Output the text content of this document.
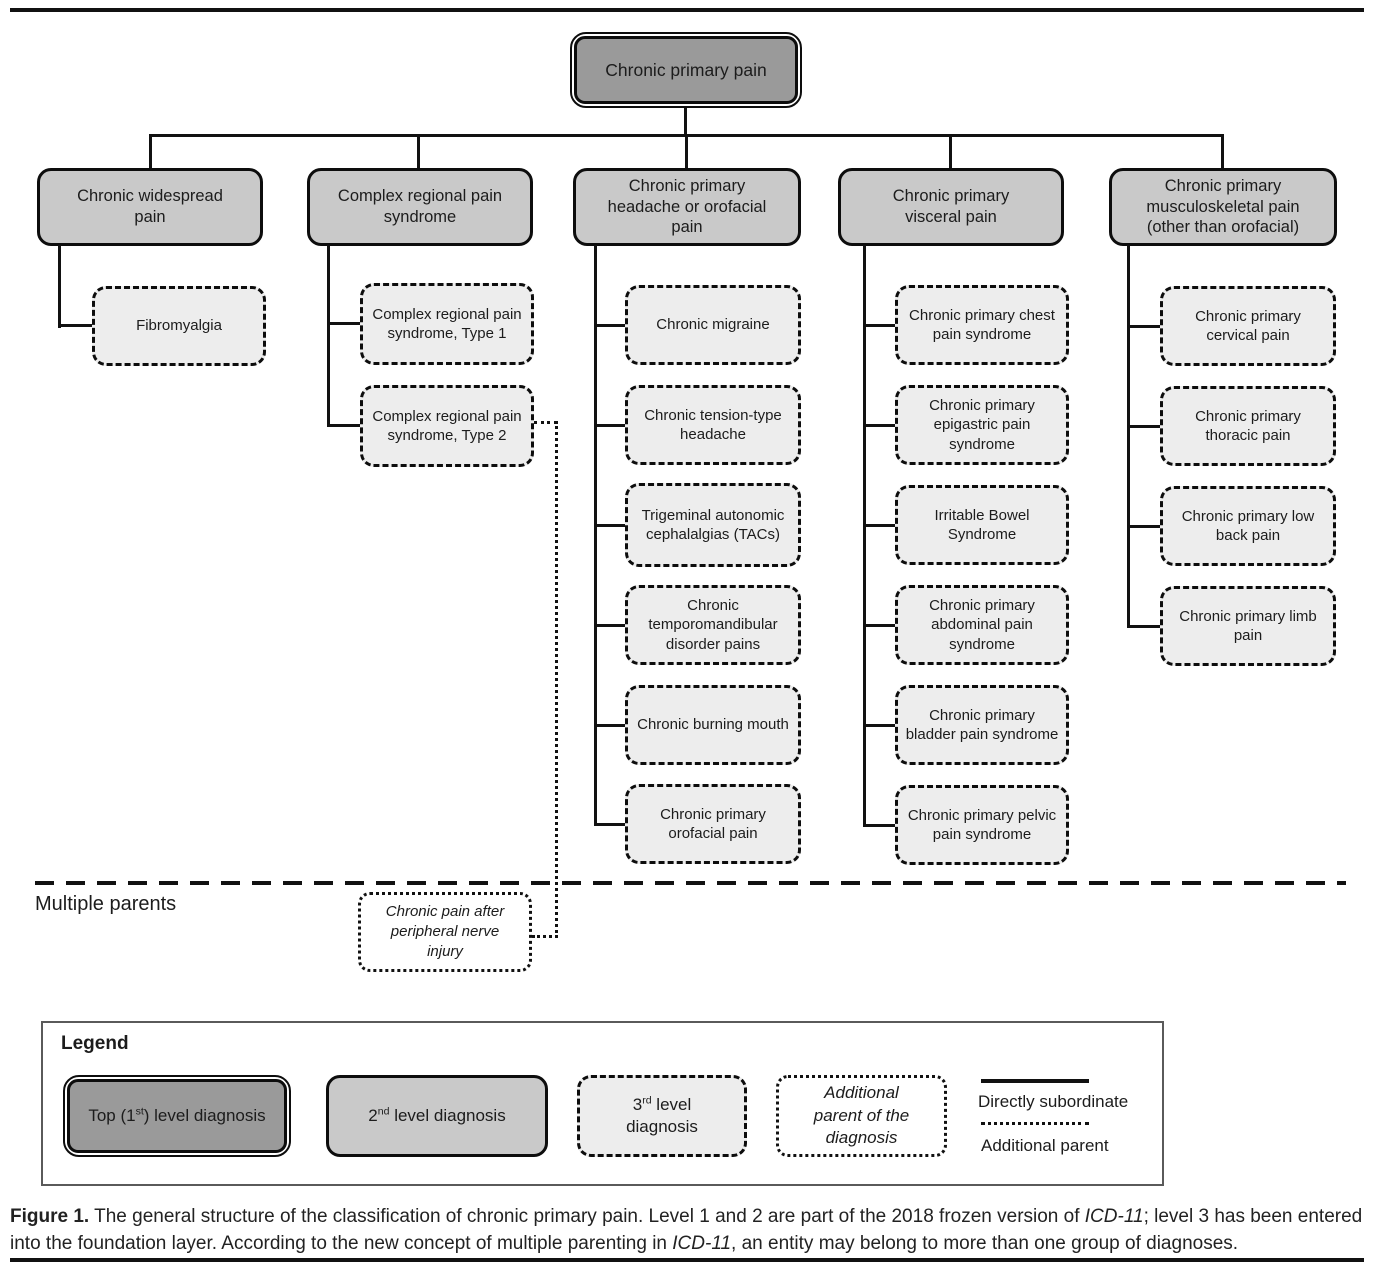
Chronic primary pain
Chronic widespread pain
Complex regional pain syndrome
Chronic primary headache or orofacial pain
Chronic primary visceral pain
Chronic primary musculoskeletal pain (other than orofacial)
Fibromyalgia
Complex regional pain syndrome, Type 1
Complex regional pain syndrome, Type 2
Chronic migraine
Chronic tension-type headache
Trigeminal autonomic cephalalgias (TACs)
Chronic temporomandibular disorder pains
Chronic burning mouth
Chronic primary orofacial pain
Chronic primary chest pain syndrome
Chronic primary epigastric pain syndrome
Irritable Bowel Syndrome
Chronic primary abdominal pain syndrome
Chronic primary bladder pain syndrome
Chronic primary pelvic pain syndrome
Chronic primary cervical pain
Chronic primary thoracic pain
Chronic primary low back pain
Chronic primary limb pain
Multiple parents	Chronic pain after peripheral nerve injury
Legend
Top (1st) level diagnosis	2nd level diagnosis
3rd level diagnosis
Additional parent of the diagnosis
Directly subordinate
Additional parent
Figure 1. The general structure of the classification of chronic primary pain. Level 1 and 2 are part of the 2018 frozen version of ICD-11; level 3 has been entered into the foundation layer. According to the new concept of multiple parenting in ICD-11, an entity may belong to more than one group of diagnoses.
